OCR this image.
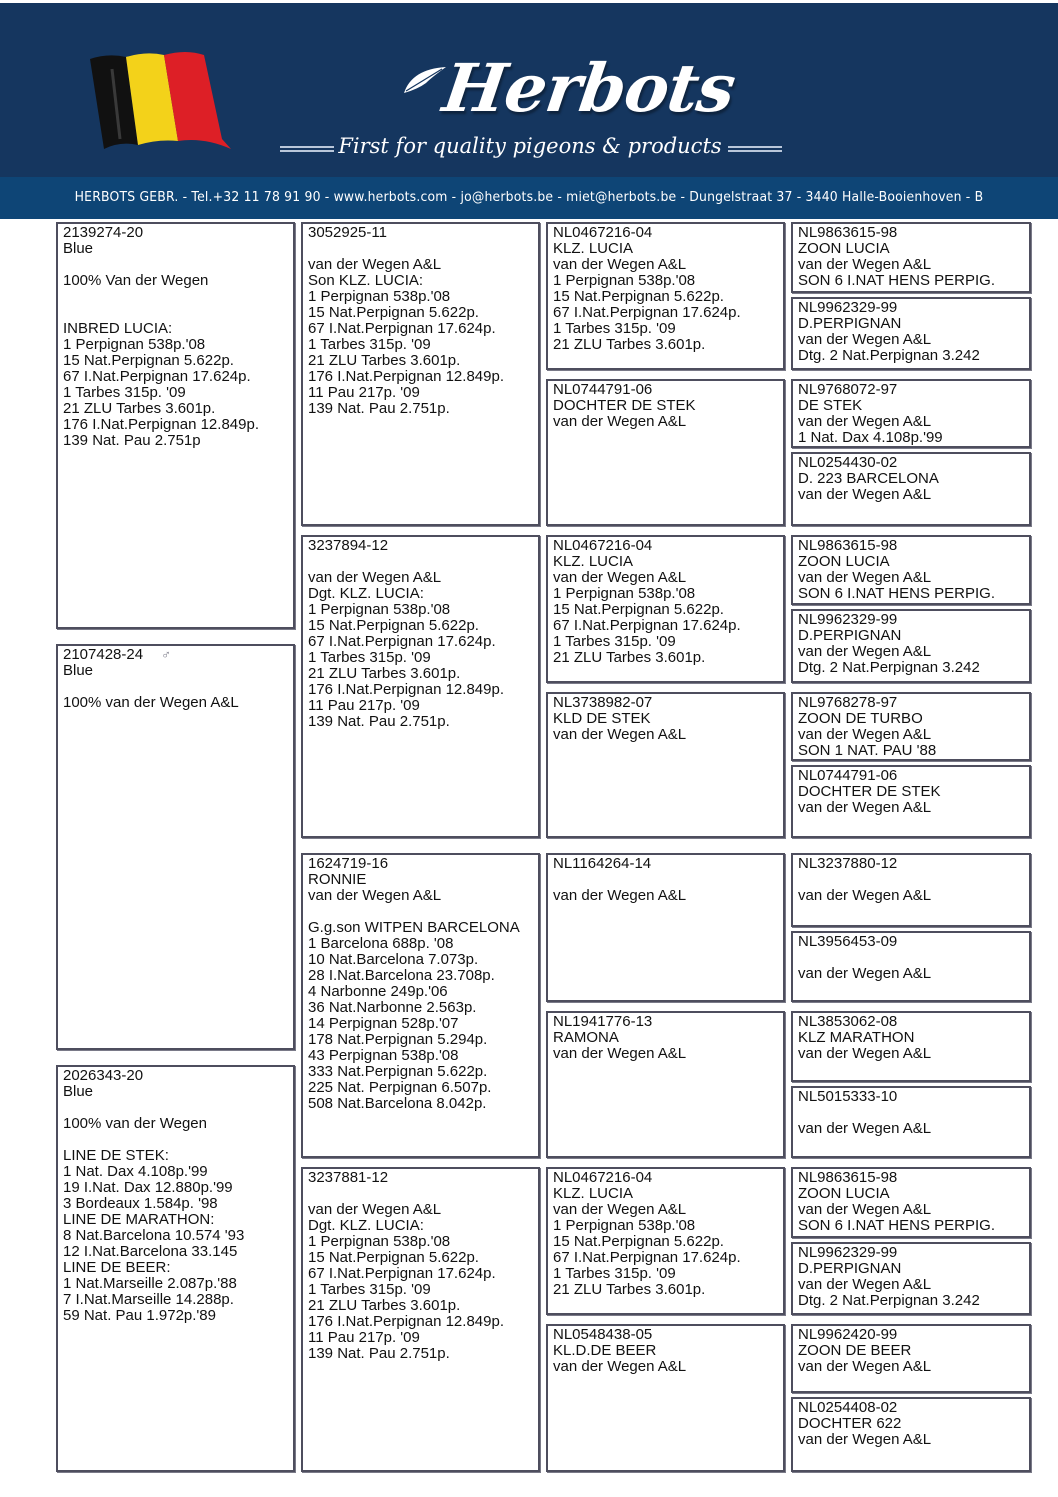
Herbots
First for quality pigeons & products
HERBOTS GEBR. - Tel.+32 11 78 91 90 - www.herbots.com - jo@herbots.be - miet@herbots.be - Dungelstraat 37 - 3440 Halle-Booienhoven - B
2139274-20
Blue
100% Van der Wegen
INBRED LUCIA:
1 Perpignan 538p.'08
15 Nat.Perpignan 5.622p.
67 I.Nat.Perpignan 17.624p.
1 Tarbes 315p. '09
21 ZLU Tarbes 3.601p.
176 I.Nat.Perpignan 12.849p.
139 Nat. Pau 2.751p
2107428-24 ♂
Blue
100% van der Wegen A&L
2026343-20
Blue
100% van der Wegen
LINE DE STEK:
1 Nat. Dax 4.108p.'99
19 I.Nat. Dax 12.880p.'99
3 Bordeaux 1.584p. '98
LINE DE MARATHON:
8 Nat.Barcelona 10.574 '93
12 I.Nat.Barcelona 33.145
LINE DE BEER:
1 Nat.Marseille 2.087p.'88
7 I.Nat.Marseille 14.288p.
59 Nat. Pau 1.972p.'89
3052925-11
van der Wegen A&L
Son KLZ. LUCIA:
1 Perpignan 538p.'08
15 Nat.Perpignan 5.622p.
67 I.Nat.Perpignan 17.624p.
1 Tarbes 315p. '09
21 ZLU Tarbes 3.601p.
176 I.Nat.Perpignan 12.849p.
11 Pau 217p. '09
139 Nat. Pau 2.751p.
3237894-12
van der Wegen A&L
Dgt. KLZ. LUCIA:
1 Perpignan 538p.'08
15 Nat.Perpignan 5.622p.
67 I.Nat.Perpignan 17.624p.
1 Tarbes 315p. '09
21 ZLU Tarbes 3.601p.
176 I.Nat.Perpignan 12.849p.
11 Pau 217p. '09
139 Nat. Pau 2.751p.
1624719-16
RONNIE
van der Wegen A&L
G.g.son WITPEN BARCELONA
1 Barcelona 688p. '08
10 Nat.Barcelona 7.073p.
28 I.Nat.Barcelona 23.708p.
4 Narbonne 249p.'06
36 Nat.Narbonne 2.563p.
14 Perpignan 528p.'07
178 Nat.Perpignan 5.294p.
43 Perpignan 538p.'08
333 Nat.Perpignan 5.622p.
225 Nat. Perpignan 6.507p.
508 Nat.Barcelona 8.042p.
3237881-12
van der Wegen A&L
Dgt. KLZ. LUCIA:
1 Perpignan 538p.'08
15 Nat.Perpignan 5.622p.
67 I.Nat.Perpignan 17.624p.
1 Tarbes 315p. '09
21 ZLU Tarbes 3.601p.
176 I.Nat.Perpignan 12.849p.
11 Pau 217p. '09
139 Nat. Pau 2.751p.
NL0467216-04
KLZ. LUCIA
van der Wegen A&L
1 Perpignan 538p.'08
15 Nat.Perpignan 5.622p.
67 I.Nat.Perpignan 17.624p.
1 Tarbes 315p. '09
21 ZLU Tarbes 3.601p.
NL0744791-06
DOCHTER DE STEK
van der Wegen A&L
NL0467216-04
KLZ. LUCIA
van der Wegen A&L
1 Perpignan 538p.'08
15 Nat.Perpignan 5.622p.
67 I.Nat.Perpignan 17.624p.
1 Tarbes 315p. '09
21 ZLU Tarbes 3.601p.
NL3738982-07
KLD DE STEK
van der Wegen A&L
NL1164264-14
van der Wegen A&L
NL1941776-13
RAMONA
van der Wegen A&L
NL0467216-04
KLZ. LUCIA
van der Wegen A&L
1 Perpignan 538p.'08
15 Nat.Perpignan 5.622p.
67 I.Nat.Perpignan 17.624p.
1 Tarbes 315p. '09
21 ZLU Tarbes 3.601p.
NL0548438-05
KL.D.DE BEER
van der Wegen A&L
NL9863615-98
ZOON LUCIA
van der Wegen A&L
SON 6 I.NAT HENS PERPIG.
NL9962329-99
D.PERPIGNAN
van der Wegen A&L
Dtg. 2 Nat.Perpignan 3.242
NL9768072-97
DE STEK
van der Wegen A&L
1 Nat. Dax 4.108p.'99
NL0254430-02
D. 223 BARCELONA
van der Wegen A&L
NL9863615-98
ZOON LUCIA
van der Wegen A&L
SON 6 I.NAT HENS PERPIG.
NL9962329-99
D.PERPIGNAN
van der Wegen A&L
Dtg. 2 Nat.Perpignan 3.242
NL9768278-97
ZOON DE TURBO
van der Wegen A&L
SON 1 NAT. PAU '88
NL0744791-06
DOCHTER DE STEK
van der Wegen A&L
NL3237880-12
van der Wegen A&L
NL3956453-09
van der Wegen A&L
NL3853062-08
KLZ MARATHON
van der Wegen A&L
NL5015333-10
van der Wegen A&L
NL9863615-98
ZOON LUCIA
van der Wegen A&L
SON 6 I.NAT HENS PERPIG.
NL9962329-99
D.PERPIGNAN
van der Wegen A&L
Dtg. 2 Nat.Perpignan 3.242
NL9962420-99
ZOON DE BEER
van der Wegen A&L
NL0254408-02
DOCHTER 622
van der Wegen A&L
